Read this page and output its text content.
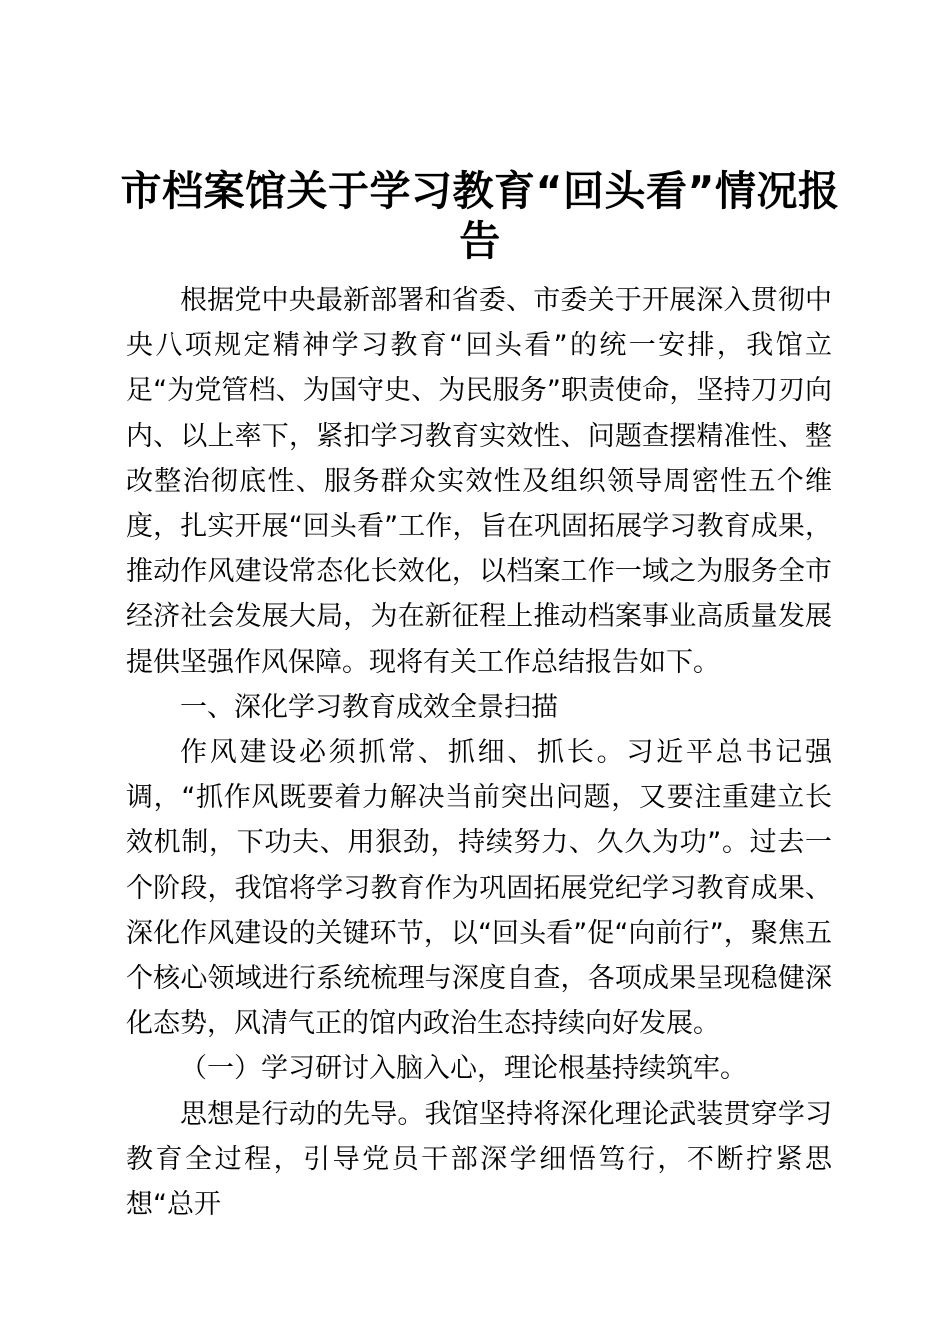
市档案馆关于学习教育“回头看”情况报告

根据党中央最新部署和省委、市委关于开展深入贯彻中央八项规定精神学习教育“回头看”的统一安排，我馆立足“为党管档、为国守史、为民服务”职责使命，坚持刀刃向内、以上率下，紧扣学习教育实效性、问题查摆精准性、整改整治彻底性、服务群众实效性及组织领导周密性五个维度，扎实开展“回头看”工作，旨在巩固拓展学习教育成果，推动作风建设常态化长效化，以档案工作一域之为服务全市经济社会发展大局，为在新征程上推动档案事业高质量发展提供坚强作风保障。现将有关工作总结报告如下。

一、深化学习教育成效全景扫描

作风建设必须抓常、抓细、抓长。习近平总书记强调，“抓作风既要着力解决当前突出问题，又要注重建立长效机制，下功夫、用狠劲，持续努力、久久为功”。过去一个阶段，我馆将学习教育作为巩固拓展党纪学习教育成果、深化作风建设的关键环节，以“回头看”促“向前行”，聚焦五个核心领域进行系统梳理与深度自查，各项成果呈现稳健深化态势，风清气正的馆内政治生态持续向好发展。

（一）学习研讨入脑入心，理论根基持续筑牢。

思想是行动的先导。我馆坚持将深化理论武装贯穿学习教育全过程，引导党员干部深学细悟笃行，不断拧紧思想“总开
